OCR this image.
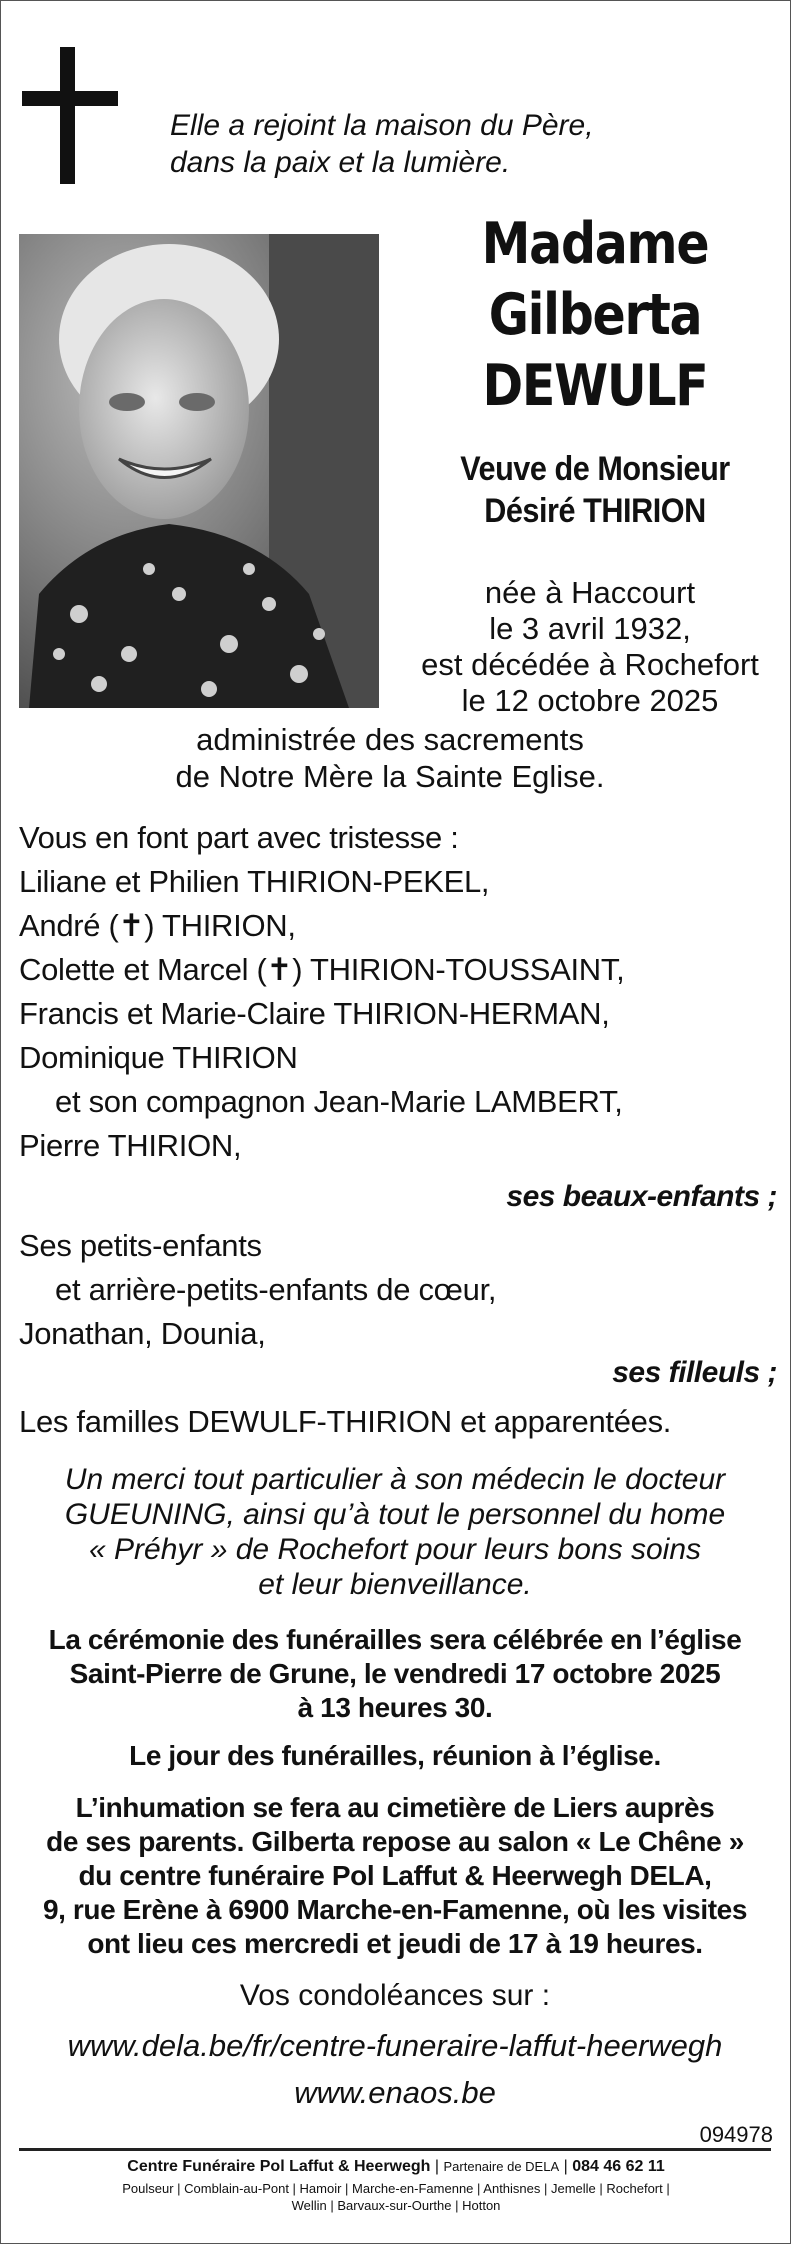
Elle a rejoint la maison du Père,
dans la paix et la lumière.
Madame
Gilberta
DEWULF
Veuve de Monsieur
Désiré THIRION
née à Haccourt
le 3 avril 1932,
est décédée à Rochefort
le 12 octobre 2025
administrée des sacrements
de Notre Mère la Sainte Eglise.
Vous en font part avec tristesse :
Liliane et Philien THIRION-PEKEL,
André (✝) THIRION,
Colette et Marcel (✝) THIRION-TOUSSAINT,
Francis et Marie-Claire THIRION-HERMAN,
Dominique THIRION
et son compagnon Jean-Marie LAMBERT,
Pierre THIRION,
ses beaux-enfants ;
Ses petits-enfants
et arrière-petits-enfants de cœur,
Jonathan, Dounia,
ses filleuls ;
Les familles DEWULF-THIRION et apparentées.
Un merci tout particulier à son médecin le docteur
GUEUNING, ainsi qu’à tout le personnel du home
« Préhyr » de Rochefort pour leurs bons soins
et leur bienveillance.
La cérémonie des funérailles sera célébrée en l’église
Saint-Pierre de Grune, le vendredi 17 octobre 2025
à 13 heures 30.
Le jour des funérailles, réunion à l’église.
L’inhumation se fera au cimetière de Liers auprès
de ses parents. Gilberta repose au salon « Le Chêne »
du centre funéraire Pol Laffut & Heerwegh DELA,
9, rue Erène à 6900 Marche-en-Famenne, où les visites
ont lieu ces mercredi et jeudi de 17 à 19 heures.
Vos condoléances sur :
www.dela.be/fr/centre-funeraire-laffut-heerwegh
www.enaos.be
094978
Centre Funéraire Pol Laffut & Heerwegh | Partenaire de DELA | 084 46 62 11
Poulseur | Comblain-au-Pont | Hamoir | Marche-en-Famenne | Anthisnes | Jemelle | Rochefort |
Wellin | Barvaux-sur-Ourthe | Hotton
